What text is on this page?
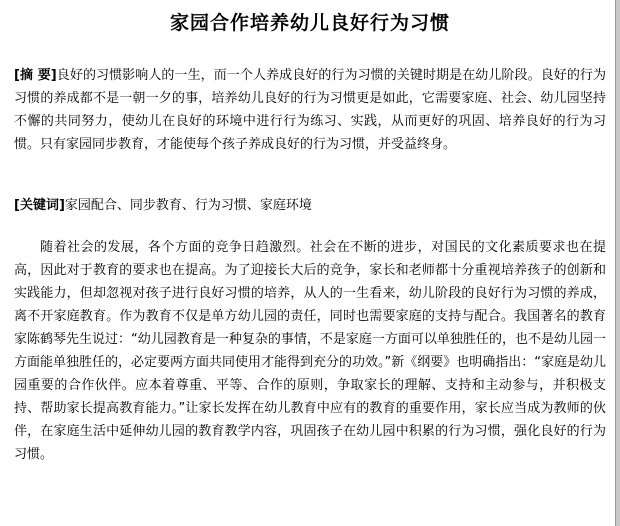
家园合作培养幼儿良好行为习惯
[摘 要]良好的习惯影响人的一生，而一个人养成良好的行为习惯的关键时期是在幼儿阶段。良好的行为习惯的养成都不是一朝一夕的事，培养幼儿良好的行为习惯更是如此，它需要家庭、社会、幼儿园坚持不懈的共同努力，使幼儿在良好的环境中进行行为练习、实践，从而更好的巩固、培养良好的行为习惯。只有家园同步教育，才能使每个孩子养成良好的行为习惯，并受益终身。
[关键词]家园配合、同步教育、行为习惯、家庭环境
随着社会的发展，各个方面的竞争日趋激烈。社会在不断的进步，对国民的文化素质要求也在提高，因此对于教育的要求也在提高。为了迎接长大后的竞争，家长和老师都十分重视培养孩子的创新和实践能力，但却忽视对孩子进行良好习惯的培养，从人的一生看来，幼儿阶段的良好行为习惯的养成，离不开家庭教育。作为教育不仅是单方幼儿园的责任，同时也需要家庭的支持与配合。我国著名的教育家陈鹤琴先生说过：“幼儿园教育是一种复杂的事情，不是家庭一方面可以单独胜任的，也不是幼儿园一方面能单独胜任的，必定要两方面共同使用才能得到充分的功效。”新《纲要》也明确指出：“家庭是幼儿园重要的合作伙伴。应本着尊重、平等、合作的原则，争取家长的理解、支持和主动参与，并积极支持、帮助家长提高教育能力。”让家长发挥在幼儿教育中应有的教育的重要作用，家长应当成为教师的伙伴，在家庭生活中延伸幼儿园的教育教学内容，巩固孩子在幼儿园中积累的行为习惯，强化良好的行为习惯。
